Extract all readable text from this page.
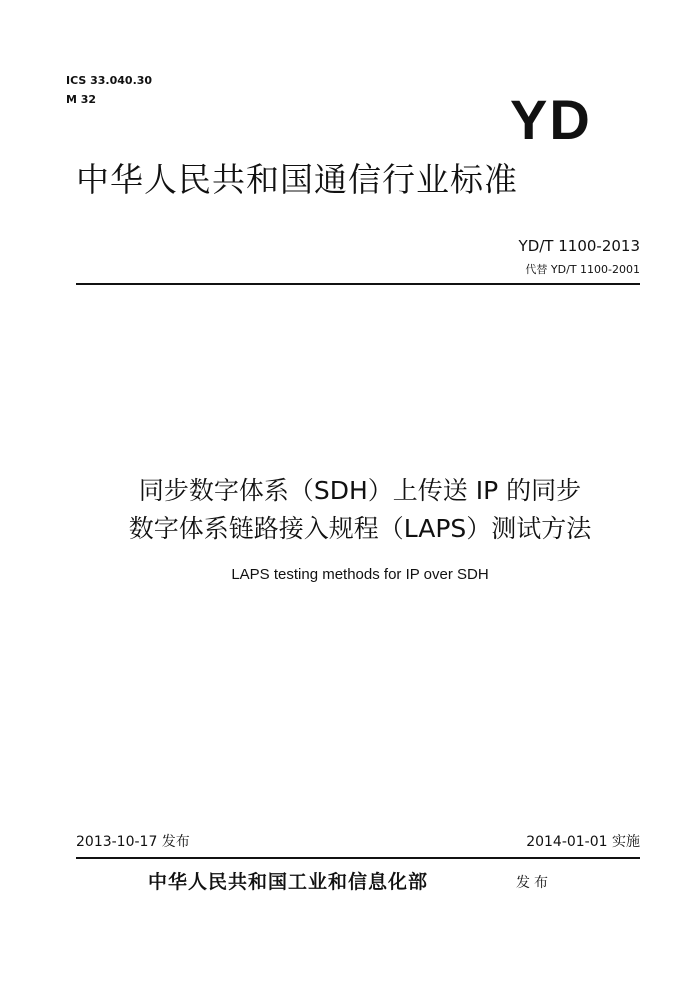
ICS 33.040.30
M 32	YD
中华人民共和国通信行业标准
YD/T 1100-2013
代替 YD/T 1100-2001
同步数字体系（SDH）上传送 IP 的同步
数字体系链路接入规程（LAPS）测试方法
LAPS testing methods for IP over SDH
2013-10-17 发布	2014-01-01 实施
中华人民共和国工业和信息化部	发布
